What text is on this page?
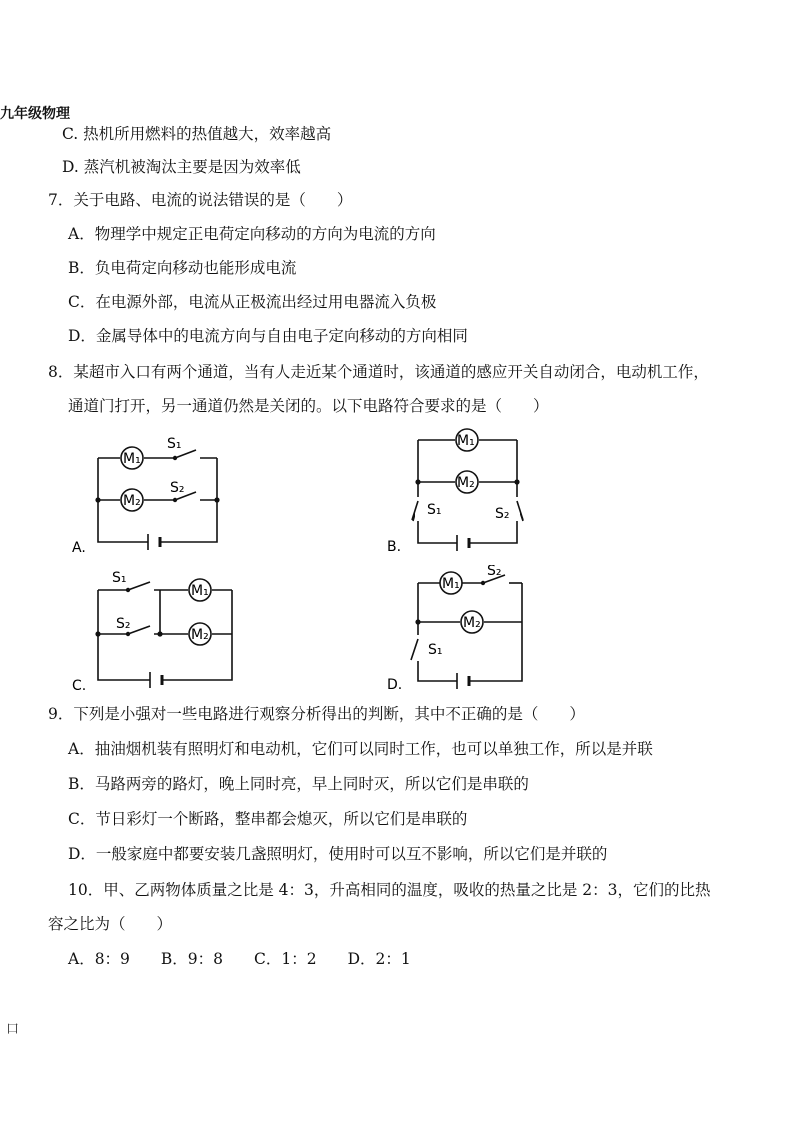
九年级物理
C. 热机所用燃料的热值越大，效率越高
D. 蒸汽机被淘汰主要是因为效率低
7．关于电路、电流的说法错误的是（　　）
A．物理学中规定正电荷定向移动的方向为电流的方向
B．负电荷定向移动也能形成电流
C．在电源外部，电流从正极流出经过用电器流入负极
D．金属导体中的电流方向与自由电子定向移动的方向相同
8．某超市入口有两个通道，当有人走近某个通道时，该通道的感应开关自动闭合，电动机工作，
通道门打开，另一通道仍然是关闭的。以下电路符合要求的是（　　）
M₁
M₂
S₁
S₂
A.
M₁
M₂
S₁	S₂
B.
M₁
M₂
S₁
S₂
C.
M₁
M₂
S₂
S₁
D.
9．下列是小强对一些电路进行观察分析得出的判断，其中不正确的是（　　）
A．抽油烟机装有照明灯和电动机，它们可以同时工作，也可以单独工作，所以是并联
B．马路两旁的路灯，晚上同时亮，早上同时灭，所以它们是串联的
C．节日彩灯一个断路，整串都会熄灭，所以它们是串联的
D．一般家庭中都要安装几盏照明灯，使用时可以互不影响，所以它们是并联的
10．甲、乙两物体质量之比是 4：3，升高相同的温度，吸收的热量之比是 2：3，它们的比热
容之比为（　　）
A．8：9　　B．9：8　　C．1：2　　D．2：1
口
